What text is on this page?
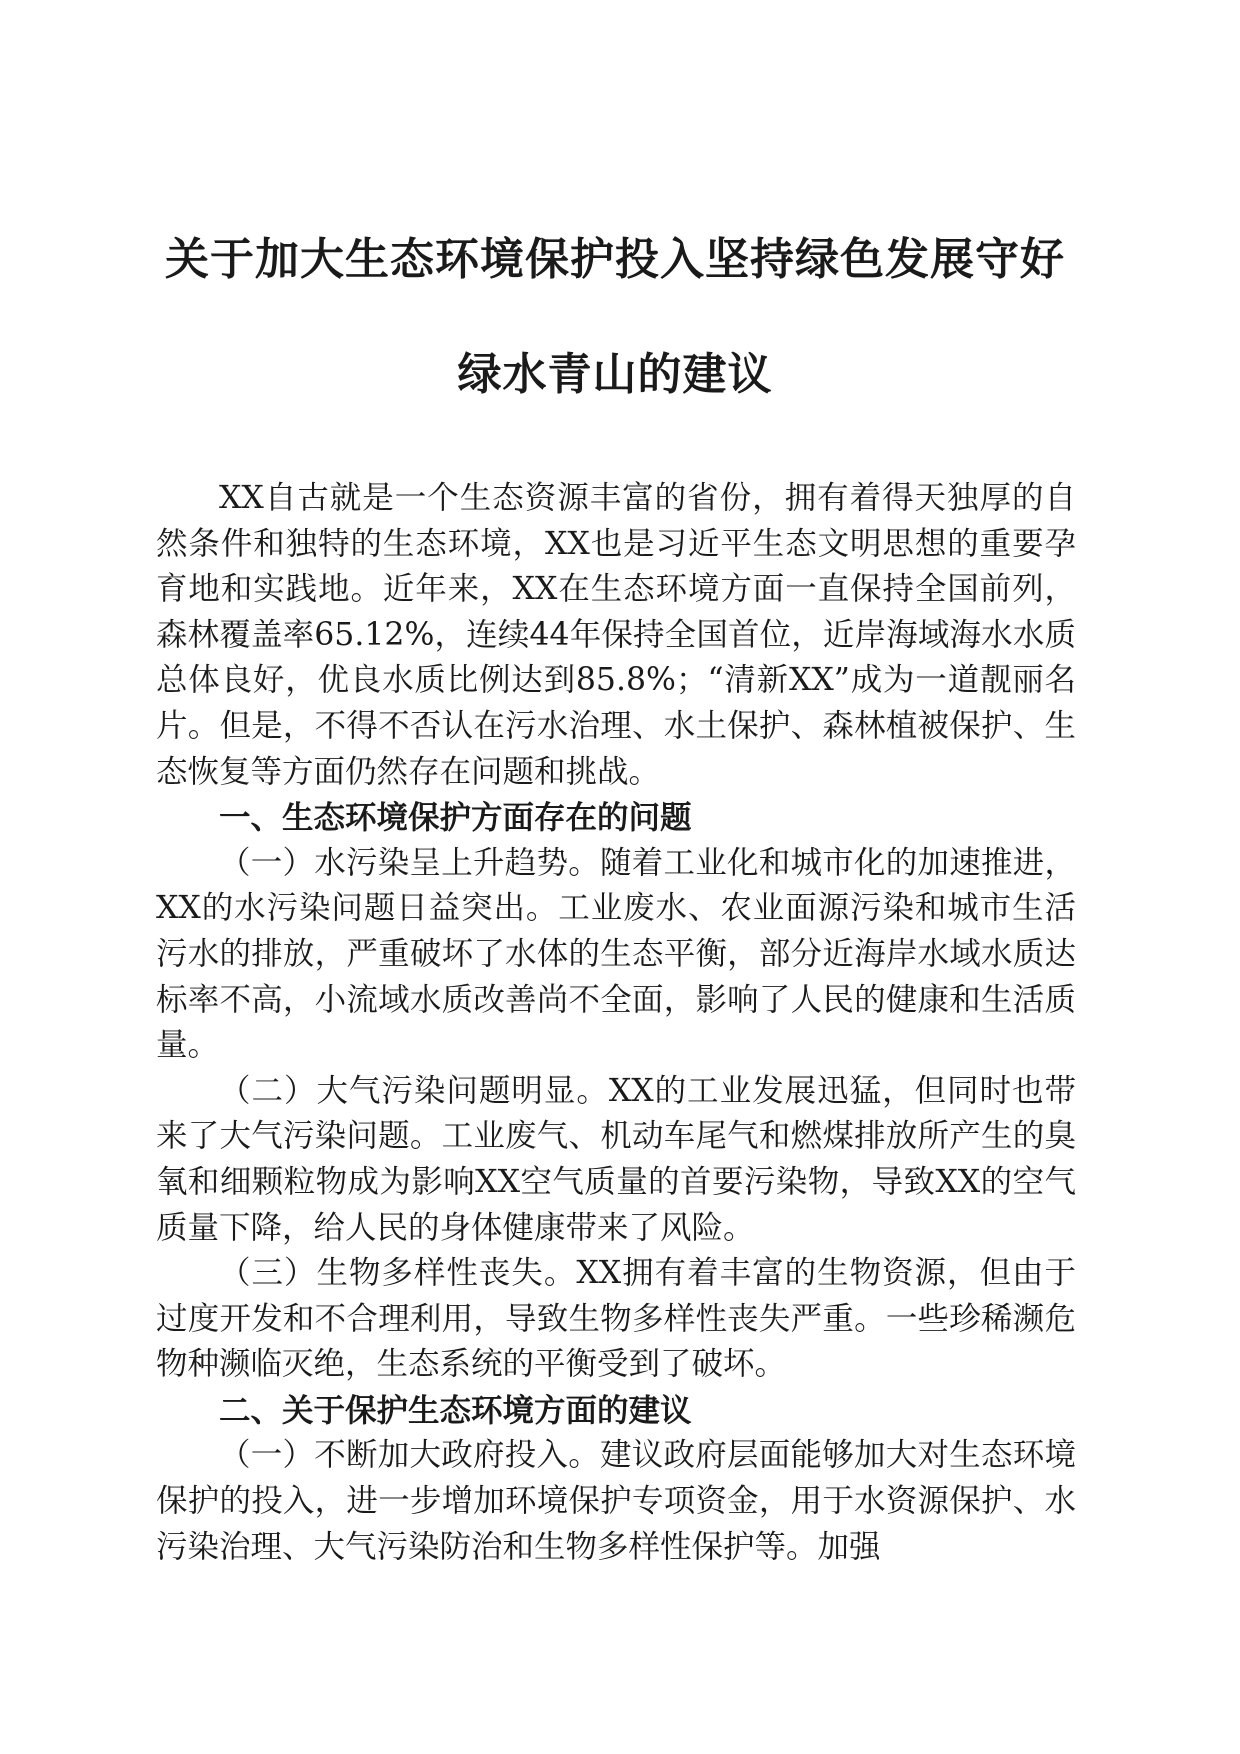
关于加大生态环境保护投入坚持绿色发展守好
绿水青山的建议

XX自古就是一个生态资源丰富的省份，拥有着得天独厚的自然条件和独特的生态环境，XX也是习近平生态文明思想的重要孕育地和实践地。近年来，XX在生态环境方面一直保持全国前列，森林覆盖率65.12%，连续44年保持全国首位，近岸海域海水水质总体良好，优良水质比例达到85.8%；“清新XX”成为一道靓丽名片。但是，不得不否认在污水治理、水土保护、森林植被保护、生态恢复等方面仍然存在问题和挑战。

一、生态环境保护方面存在的问题

（一）水污染呈上升趋势。随着工业化和城市化的加速推进，XX的水污染问题日益突出。工业废水、农业面源污染和城市生活污水的排放，严重破坏了水体的生态平衡，部分近海岸水域水质达标率不高，小流域水质改善尚不全面，影响了人民的健康和生活质量。

（二）大气污染问题明显。XX的工业发展迅猛，但同时也带来了大气污染问题。工业废气、机动车尾气和燃煤排放所产生的臭氧和细颗粒物成为影响XX空气质量的首要污染物，导致XX的空气质量下降，给人民的身体健康带来了风险。

（三）生物多样性丧失。XX拥有着丰富的生物资源，但由于过度开发和不合理利用，导致生物多样性丧失严重。一些珍稀濒危物种濒临灭绝，生态系统的平衡受到了破坏。

二、关于保护生态环境方面的建议

（一）不断加大政府投入。建议政府层面能够加大对生态环境保护的投入，进一步增加环境保护专项资金，用于水资源保护、水污染治理、大气污染防治和生物多样性保护等。加强
